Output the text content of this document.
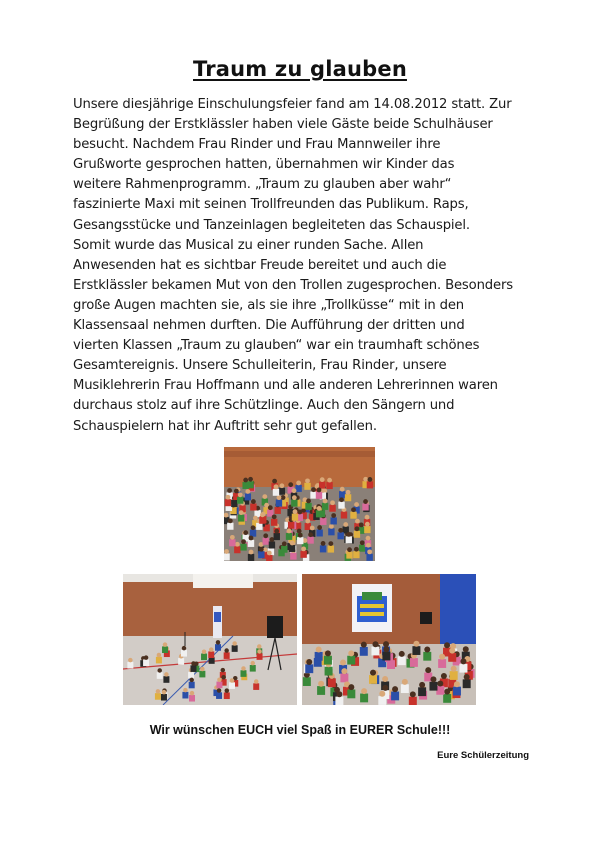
Traum zu glauben
Unsere diesjährige Einschulungsfeier fand am 14.08.2012 statt. Zur
Begrüßung der Erstklässler haben viele Gäste beide Schulhäuser
besucht. Nachdem Frau Rinder und Frau Mannweiler ihre
Grußworte gesprochen hatten, übernahmen wir Kinder das
weitere Rahmenprogramm. „Traum zu glauben aber wahr“
faszinierte Maxi mit seinen Trollfreunden das Publikum. Raps,
Gesangsstücke und Tanzeinlagen begleiteten das Schauspiel.
Somit wurde das Musical zu einer runden Sache. Allen
Anwesenden hat es sichtbar Freude bereitet und auch die
Erstklässler bekamen Mut von den Trollen zugesprochen. Besonders
große Augen machten sie, als sie ihre „Trollküsse“ mit in den
Klassensaal nehmen durften. Die Aufführung der dritten und
vierten Klassen „Traum zu glauben“ war ein traumhaft schönes
Gesamtereignis. Unsere Schulleiterin, Frau Rinder, unsere
Musiklehrerin Frau Hoffmann und alle anderen Lehrerinnen waren
durchaus stolz auf ihre Schützlinge. Auch den Sängern und
Schauspielern hat ihr Auftritt sehr gut gefallen.
Wir wünschen EUCH viel Spaß in EURER Schule!!!
Eure Schülerzeitung
